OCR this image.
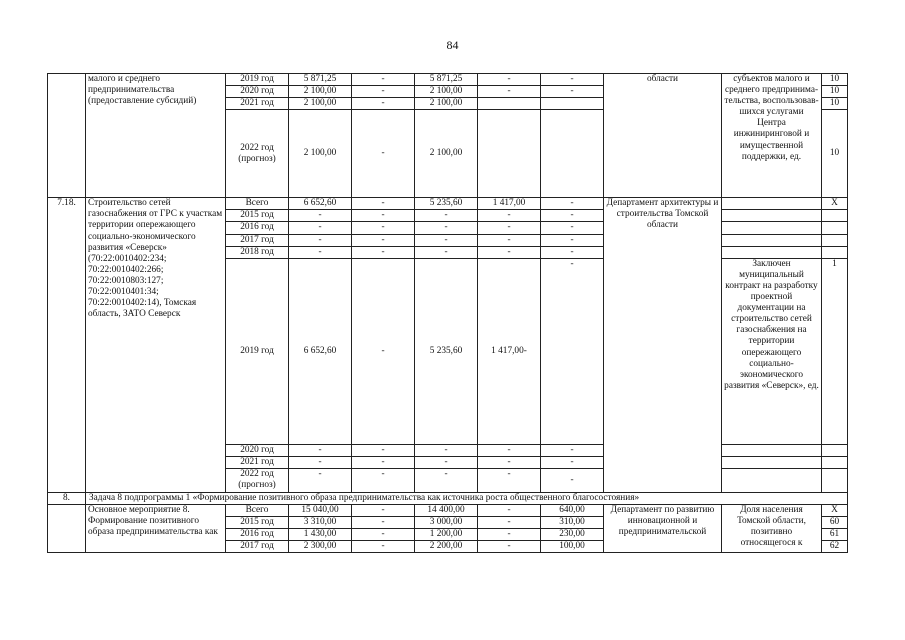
84
	малого и среднего предпринимательства (предоставление субсидий)	2019 год	5 871,25	-	5 871,25	-	-	области	субъектов малого и среднего предпринима-тельства, воспользовав-шихся услугами Центра инжиниринговой и имущественной поддержки, ед.	10
		2020 год	2 100,00	-	2 100,00	-	-			10
		2021 год	2 100,00	-	2 100,00					10
		2022 год (прогноз)	2 100,00	-	2 100,00					10
7.18.	Строительство сетей газоснабжения от ГРС к участкам территории опережающего социально-экономического развития «Северск» (70:22:0010402:234; 70:22:0010402:266; 70:22:0010803:127; 70:22:0010401:34; 70:22:0010402:14), Томская область, ЗАТО Северск	Всего	6 652,60	-	5 235,60	1 417,00	-	Департамент архитектуры и строительства Томской области		X
		2015 год	-	-	-	-	-			
		2016 год	-	-	-	-	-			
		2017 год	-	-	-	-	-			
		2018 год	-	-	-	-	-			
		2019 год	6 652,60	-	5 235,60	1 417,00-	-		Заключен муниципальный контракт на разработку проектной документации на строительство сетей газоснабжения на территории опережающего социально-экономического развития «Северск», ед.	1
		2020 год	-	-	-	-	-			
		2021 год	-	-	-	-	-			
		2022 год (прогноз)	-	-	-	-	-			
8.	Задача 8 подпрограммы 1 «Формирование позитивного образа предпринимательства как источника роста общественного благосостояния»									
	Основное мероприятие 8. Формирование позитивного образа предпринимательства как	Всего	15 040,00	-	14 400,00	-	640,00	Департамент по развитию инновационной и предпринимательской	Доля населения Томской области, позитивно относящегося к	X
		2015 год	3 310,00	-	3 000,00	-	310,00			60
		2016 год	1 430,00	-	1 200,00	-	230,00			61
		2017 год	2 300,00	-	2 200,00	-	100,00			62
